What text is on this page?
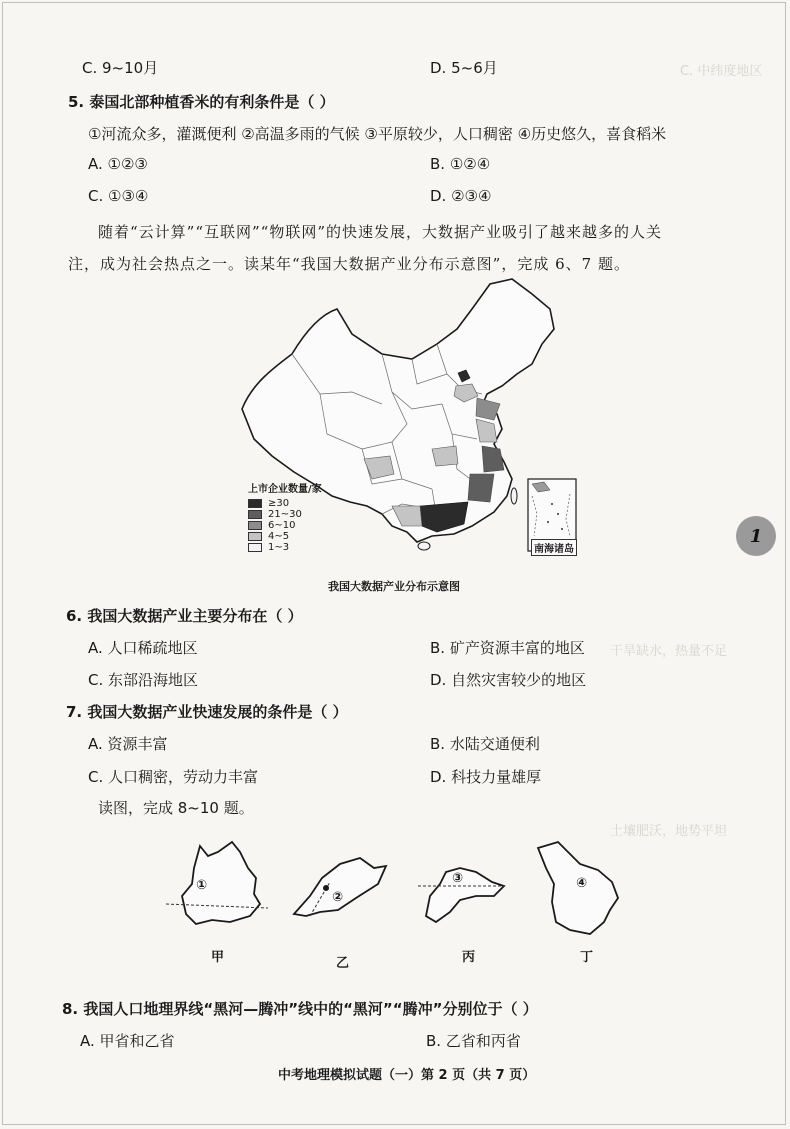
C. 中纬度地区
干旱缺水，热量不足
土壤肥沃，地势平坦
C. 9~10月	D. 5~6月
5. 泰国北部种植香米的有利条件是（ ）
①河流众多，灌溉便利 ②高温多雨的气候 ③平原较少，人口稠密 ④历史悠久，喜食稻米
A. ①②③	B. ①②④
C. ①③④	D. ②③④
随着“云计算”“互联网”“物联网”的快速发展，大数据产业吸引了越来越多的人关
注，成为社会热点之一。读某年“我国大数据产业分布示意图”，完成 6、7 题。
南海诸岛
上市企业数量/家
≥30
21~30
6~10
4~5
1~3
我国大数据产业分布示意图
1
6. 我国大数据产业主要分布在（ ）
A. 人口稀疏地区	B. 矿产资源丰富的地区
C. 东部沿海地区	D. 自然灾害较少的地区
7. 我国大数据产业快速发展的条件是（ ）
A. 资源丰富	B. 水陆交通便利
C. 人口稠密，劳动力丰富	D. 科技力量雄厚
读图，完成 8~10 题。
①
②
③	④
甲	乙	丙	丁
8. 我国人口地理界线“黑河—腾冲”线中的“黑河”“腾冲”分别位于（ ）
A. 甲省和乙省	B. 乙省和丙省
中考地理模拟试题（一）第 2 页（共 7 页）
